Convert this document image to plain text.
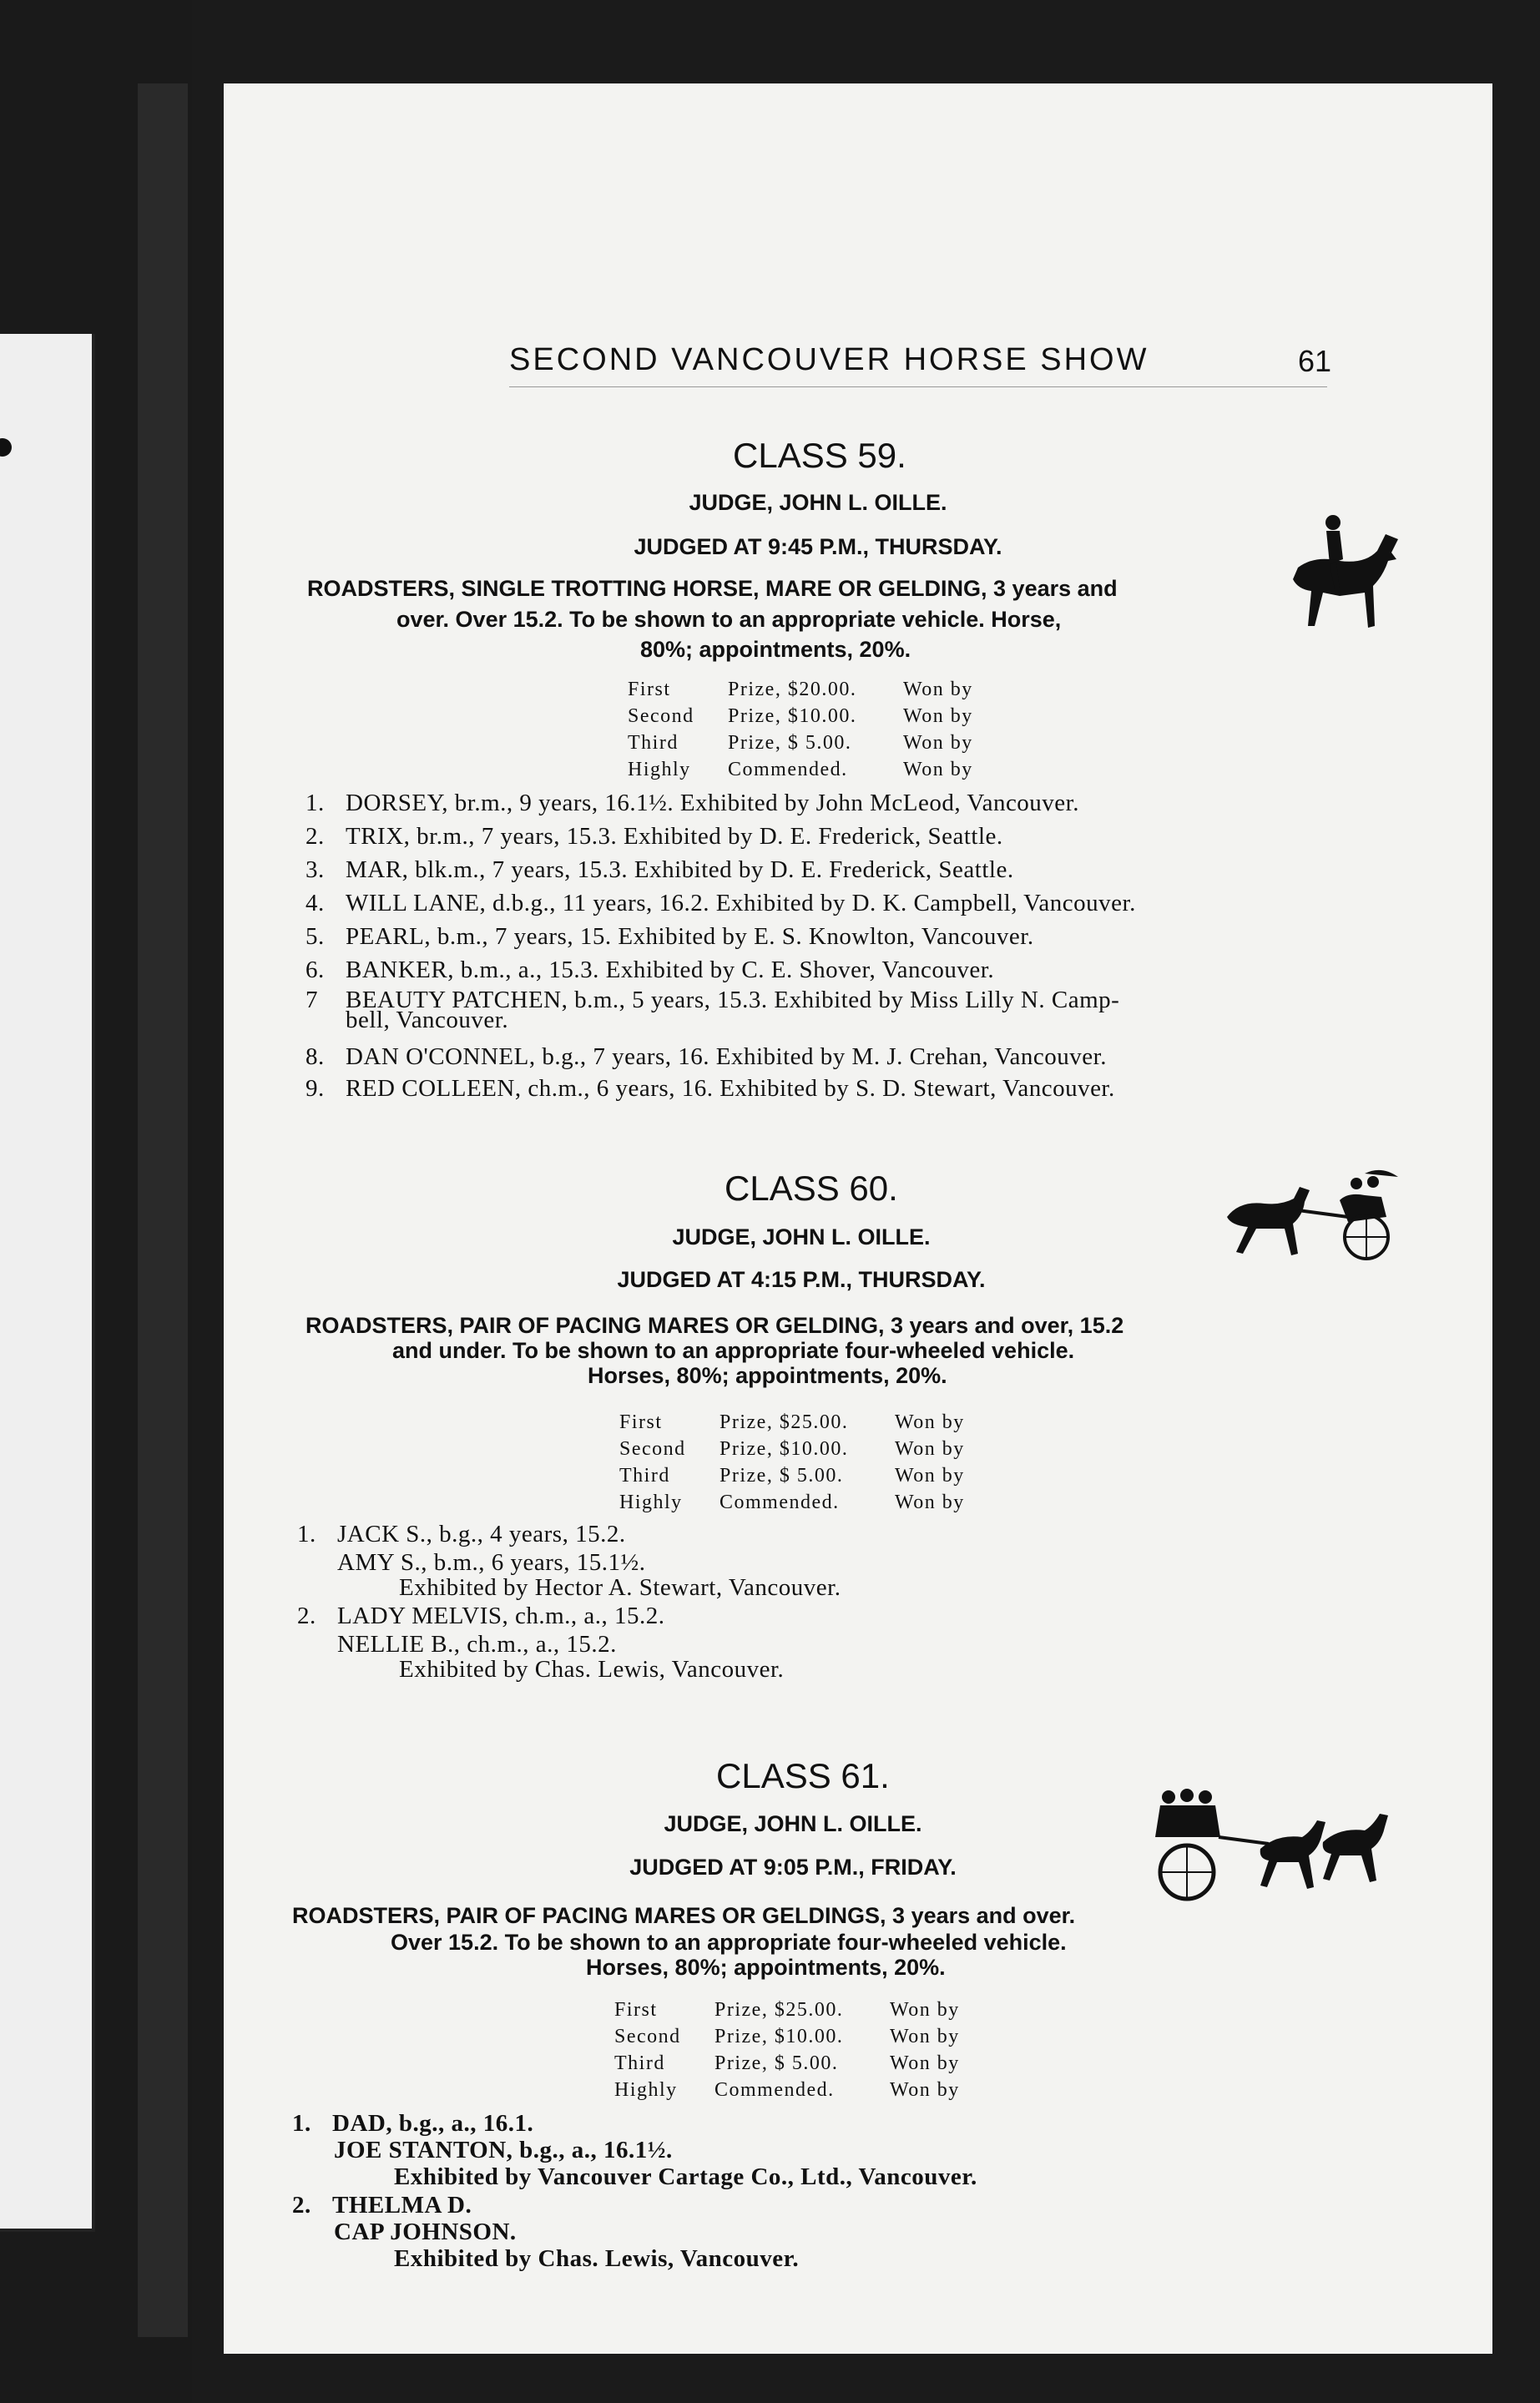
SECOND VANCOUVER HORSE SHOW	61
CLASS 59.
JUDGE, JOHN L. OILLE.
JUDGED AT 9:45 P.M., THURSDAY.
ROADSTERS, SINGLE TROTTING HORSE, MARE OR GELDING, 3 years and
over. Over 15.2. To be shown to an appropriate vehicle. Horse,
80%; appointments, 20%.
First	Prize, $20.00. Won by
Second Prize, $10.00. Won by
Third Prize, $ 5.00.	Won by
Highly Commended.	Won by
1. DORSEY, br.m., 9 years, 16.1½. Exhibited by John McLeod, Vancouver.
2. TRIX, br.m., 7 years, 15.3. Exhibited by D. E. Frederick, Seattle.
3. MAR, blk.m., 7 years, 15.3. Exhibited by D. E. Frederick, Seattle.
4. WILL LANE, d.b.g., 11 years, 16.2. Exhibited by D. K. Campbell, Vancouver.
5. PEARL, b.m., 7 years, 15. Exhibited by E. S. Knowlton, Vancouver.
6. BANKER, b.m., a., 15.3. Exhibited by C. E. Shover, Vancouver.
7 BEAUTY PATCHEN, b.m., 5 years, 15.3. Exhibited by Miss Lilly N. Camp-
bell, Vancouver.
8. DAN O'CONNEL, b.g., 7 years, 16. Exhibited by M. J. Crehan, Vancouver.
9. RED COLLEEN, ch.m., 6 years, 16. Exhibited by S. D. Stewart, Vancouver.
CLASS 60.
JUDGE, JOHN L. OILLE.
JUDGED AT 4:15 P.M., THURSDAY.
ROADSTERS, PAIR OF PACING MARES OR GELDING, 3 years and over, 15.2
and under. To be shown to an appropriate four-wheeled vehicle.
Horses, 80%; appointments, 20%.
First	Prize, $25.00. Won by
Second Prize, $10.00. Won by
Third Prize, $ 5.00.	Won by
Highly Commended.	Won by
1. JACK S., b.g., 4 years, 15.2.
AMY S., b.m., 6 years, 15.1½.
Exhibited by Hector A. Stewart, Vancouver.
2. LADY MELVIS, ch.m., a., 15.2.
NELLIE B., ch.m., a., 15.2.
Exhibited by Chas. Lewis, Vancouver.
CLASS 61.
JUDGE, JOHN L. OILLE.
JUDGED AT 9:05 P.M., FRIDAY.
ROADSTERS, PAIR OF PACING MARES OR GELDINGS, 3 years and over.
Over 15.2. To be shown to an appropriate four-wheeled vehicle.
Horses, 80%; appointments, 20%.
First	Prize, $25.00. Won by
Second Prize, $10.00. Won by
Third Prize, $ 5.00.	Won by
Highly Commended.	Won by
1. DAD, b.g., a., 16.1.
JOE STANTON, b.g., a., 16.1½.
Exhibited by Vancouver Cartage Co., Ltd., Vancouver.
2. THELMA D.
CAP JOHNSON.
Exhibited by Chas. Lewis, Vancouver.
